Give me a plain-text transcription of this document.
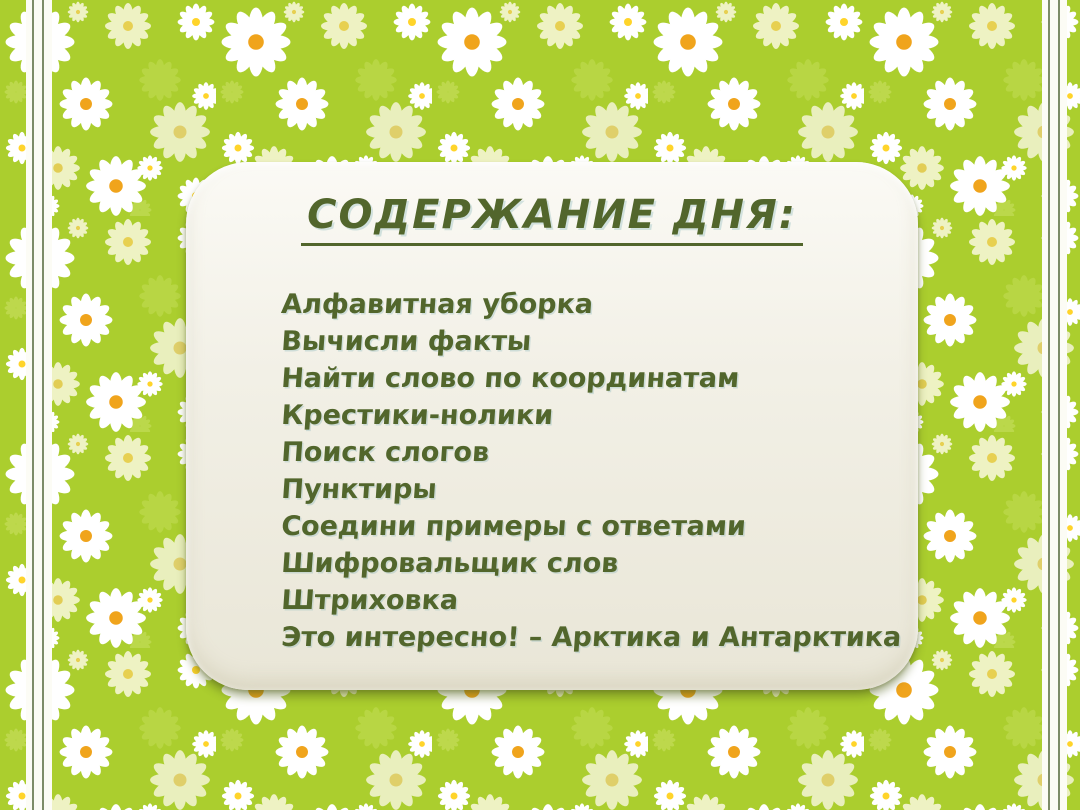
СОДЕРЖАНИЕ ДНЯ:
Алфавитная уборка
Вычисли факты
Найти слово по координатам
Крестики-нолики
Поиск слогов
Пунктиры
Соедини примеры с ответами
Шифровальщик слов
Штриховка
Это интересно! – Арктика и Антарктика
